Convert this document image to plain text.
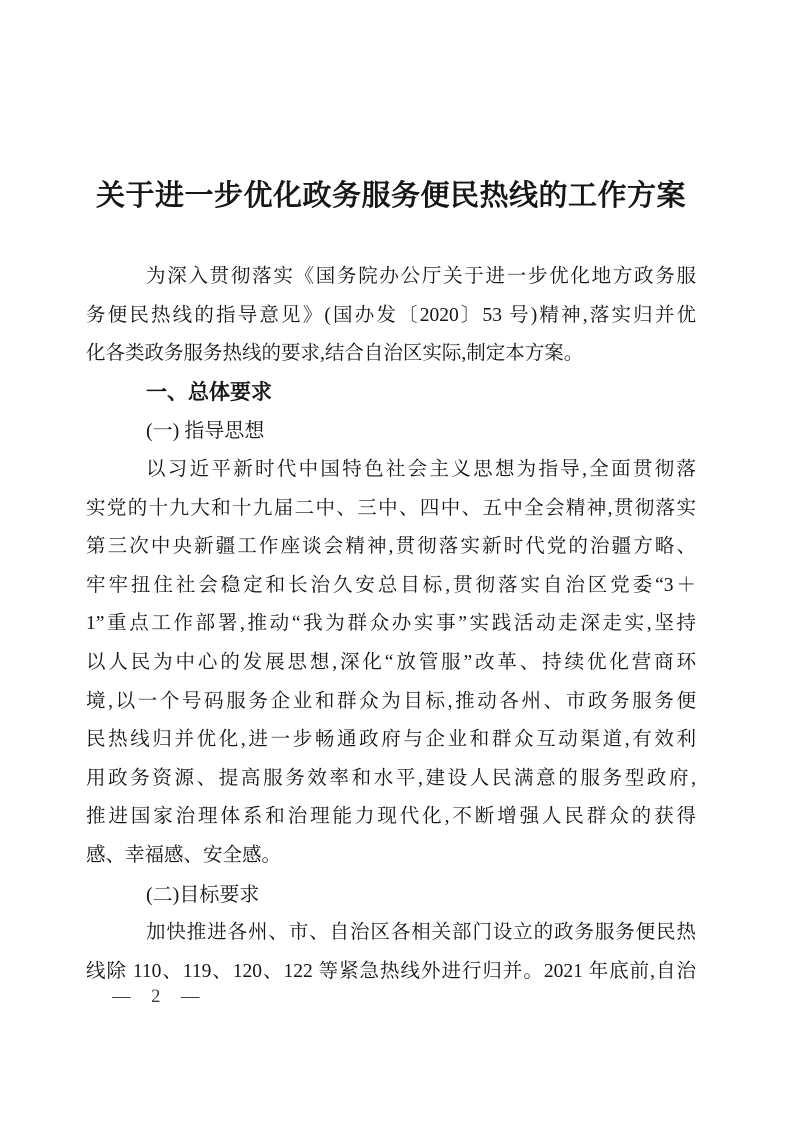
关于进一步优化政务服务便民热线的工作方案
为深入贯彻落实《国务院办公厅关于进一步优化地方政务服
务便民热线的指导意见》(国办发〔2020〕53 号)精神,落实归并优
化各类政务服务热线的要求,结合自治区实际,制定本方案。
一、总体要求
(一) 指导思想
以习近平新时代中国特色社会主义思想为指导,全面贯彻落
实党的十九大和十九届二中、三中、四中、五中全会精神,贯彻落实
第三次中央新疆工作座谈会精神,贯彻落实新时代党的治疆方略、
牢牢扭住社会稳定和长治久安总目标,贯彻落实自治区党委“3＋
1”重点工作部署,推动“我为群众办实事”实践活动走深走实,坚持
以人民为中心的发展思想,深化“放管服”改革、持续优化营商环
境,以一个号码服务企业和群众为目标,推动各州、市政务服务便
民热线归并优化,进一步畅通政府与企业和群众互动渠道,有效利
用政务资源、提高服务效率和水平,建设人民满意的服务型政府,
推进国家治理体系和治理能力现代化,不断增强人民群众的获得
感、幸福感、安全感。
(二)目标要求
加快推进各州、市、自治区各相关部门设立的政务服务便民热
线除 110、119、120、122 等紧急热线外进行归并。2021 年底前,自治
— 2 —
